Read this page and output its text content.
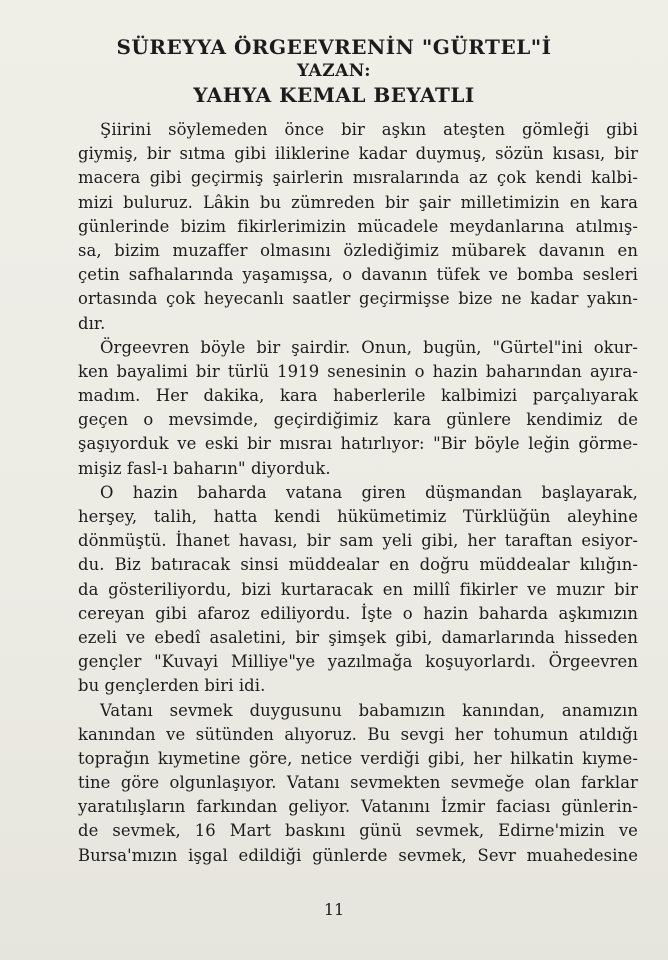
SÜREYYA ÖRGEEVRENİN "GÜRTEL"İ
YAZAN:
YAHYA KEMAL BEYATLI
Şiirini söylemeden önce bir aşkın ateşten gömleği gibi
giymiş, bir sıtma gibi iliklerine kadar duymuş, sözün kısası, bir
macera gibi geçirmiş şairlerin mısralarında az çok kendi kalbi-
mizi buluruz. Lâkin bu zümreden bir şair milletimizin en kara
günlerinde bizim fikirlerimizin mücadele meydanlarına atılmış-
sa, bizim muzaffer olmasını özlediğimiz mübarek davanın en
çetin safhalarında yaşamışsa, o davanın tüfek ve bomba sesleri
ortasında çok heyecanlı saatler geçirmişse bize ne kadar yakın-
dır.
Örgeevren böyle bir şairdir. Onun, bugün, "Gürtel"ini okur-
ken bayalimi bir türlü 1919 senesinin o hazin baharından ayıra-
madım. Her dakika, kara haberlerile kalbimizi parçalıyarak
geçen o mevsimde, geçirdiğimiz kara günlere kendimiz de
şaşıyorduk ve eski bir mısraı hatırlıyor: "Bir böyle leğin görme-
mişiz fasl-ı baharın" diyorduk.
O hazin baharda vatana giren düşmandan başlayarak,
herşey, talih, hatta kendi hükümetimiz Türklüğün aleyhine
dönmüştü. İhanet havası, bir sam yeli gibi, her taraftan esiyor-
du. Biz batıracak sinsi müddealar en doğru müddealar kılığın-
da gösteriliyordu, bizi kurtaracak en millî fikirler ve muzır bir
cereyan gibi afaroz ediliyordu. İşte o hazin baharda aşkımızın
ezeli ve ebedî asaletini, bir şimşek gibi, damarlarında hisseden
gençler "Kuvayi Milliye"ye yazılmağa koşuyorlardı. Örgeevren
bu gençlerden biri idi.
Vatanı sevmek duygusunu babamızın kanından, anamızın
kanından ve sütünden alıyoruz. Bu sevgi her tohumun atıldığı
toprağın kıymetine göre, netice verdiği gibi, her hilkatin kıyme-
tine göre olgunlaşıyor. Vatanı sevmekten sevmeğe olan farklar
yaratılışların farkından geliyor. Vatanını İzmir faciası günlerin-
de sevmek, 16 Mart baskını günü sevmek, Edirne'mizin ve
Bursa'mızın işgal edildiği günlerde sevmek, Sevr muahedesine
11
